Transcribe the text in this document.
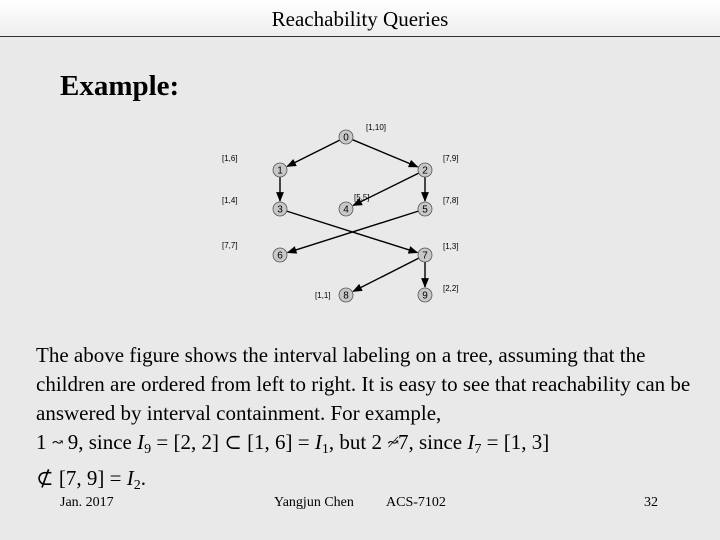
Reachability Queries
Example:
0
1	2
3	4	5
6	7
8	9
[1,10]
[1,6]	[7,9]
[1,4]	[5,5]	[7,8]
[7,7]	[1,3]
[1,1]
[2,2]

The above figure shows the interval labeling on a tree, assuming that the children are ordered from left to right. It is easy to see that reachability can be answered by interval containment. For example,

1 ↝ 9, since $I_9 = [2$, 2] ⊂ [1, $6] = I_1$, but 2 ↝̸7, since $I_7 = [1$, 3]

⊄ [7, $9] = I_2$.

Jan. 2017	Yangjun Chen ACS-7102	32
